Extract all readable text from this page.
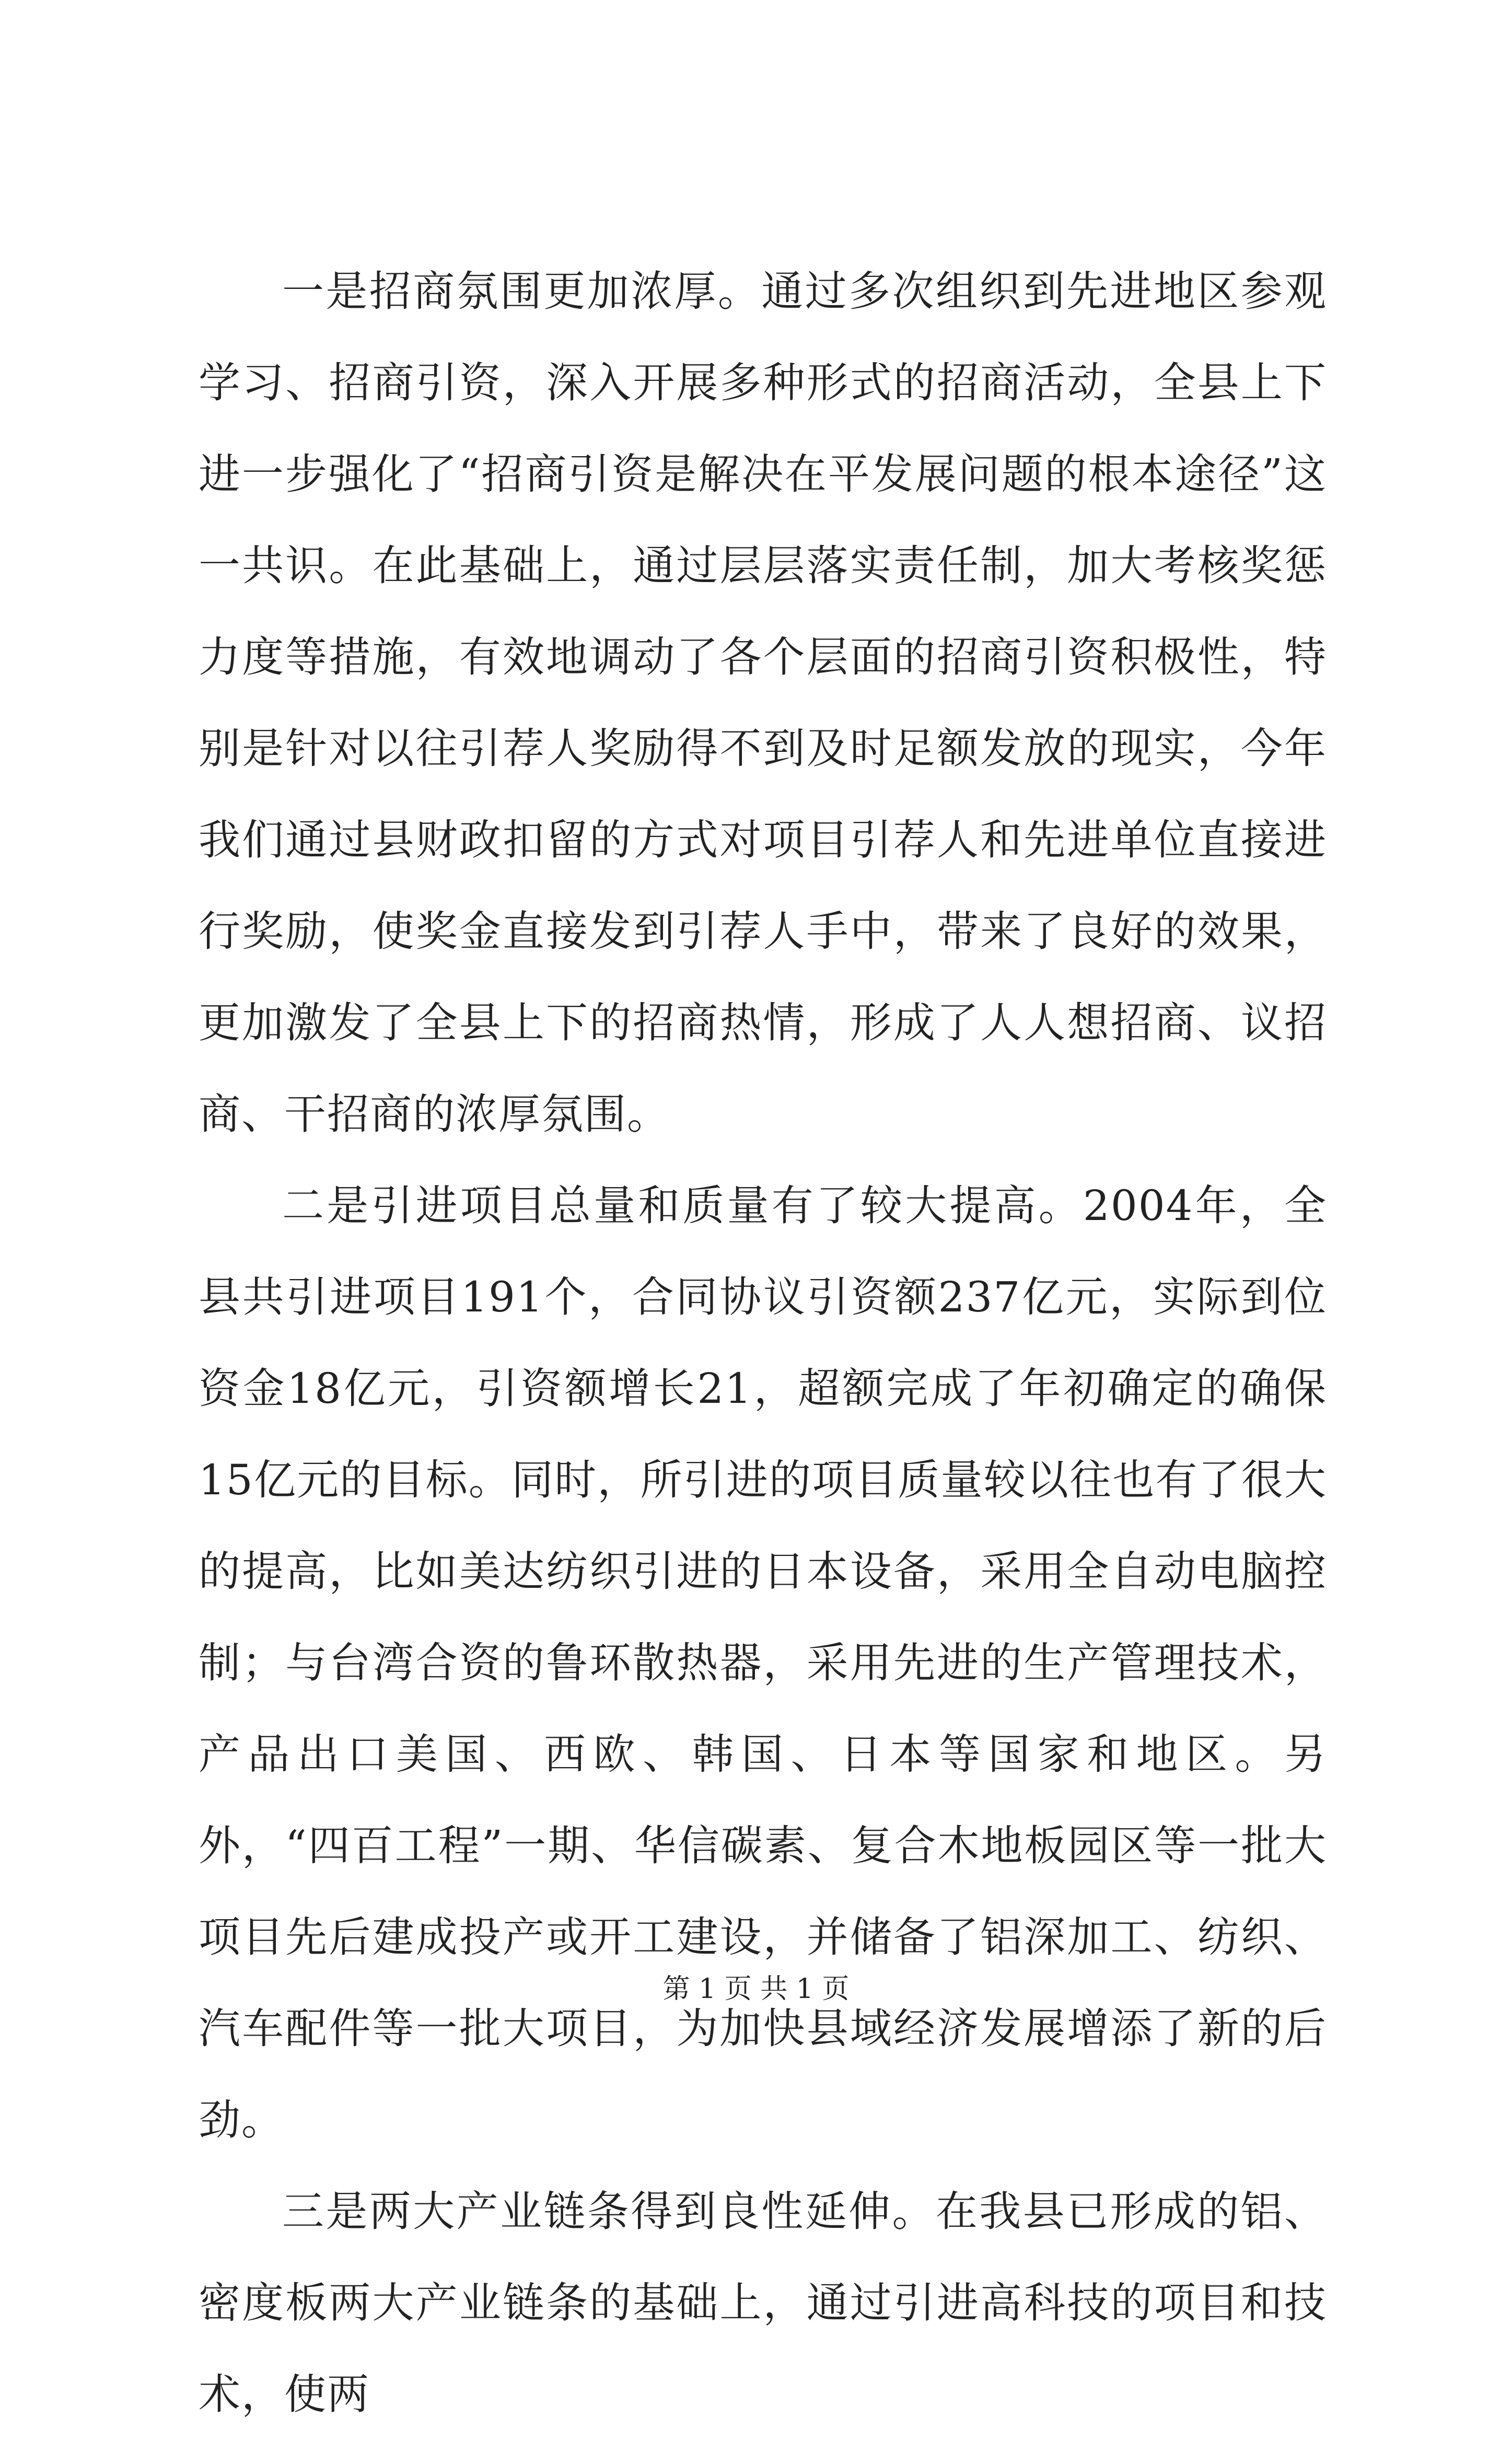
一是招商氛围更加浓厚。通过多次组织到先进地区参观学习、招商引资，深入开展多种形式的招商活动，全县上下进一步强化了“招商引资是解决在平发展问题的根本途径”这一共识。在此基础上，通过层层落实责任制，加大考核奖惩力度等措施，有效地调动了各个层面的招商引资积极性，特别是针对以往引荐人奖励得不到及时足额发放的现实，今年我们通过县财政扣留的方式对项目引荐人和先进单位直接进行奖励，使奖金直接发到引荐人手中，带来了良好的效果，更加激发了全县上下的招商热情，形成了人人想招商、议招商、干招商的浓厚氛围。

二是引进项目总量和质量有了较大提高。2004年，全县共引进项目191个，合同协议引资额237亿元，实际到位资金18亿元，引资额增长21，超额完成了年初确定的确保15亿元的目标。同时，所引进的项目质量较以往也有了很大的提高，比如美达纺织引进的日本设备，采用全自动电脑控制；与台湾合资的鲁环散热器，采用先进的生产管理技术，产品出口美国、西欧、韩国、日本等国家和地区。另外，“四百工程”一期、华信碳素、复合木地板园区等一批大项目先后建成投产或开工建设，并储备了铝深加工、纺织、汽车配件等一批大项目，为加快县域经济发展增添了新的后劲。

三是两大产业链条得到良性延伸。在我县已形成的铝、密度板两大产业链条的基础上，通过引进高科技的项目和技术，使两

第 1 页 共 1 页
